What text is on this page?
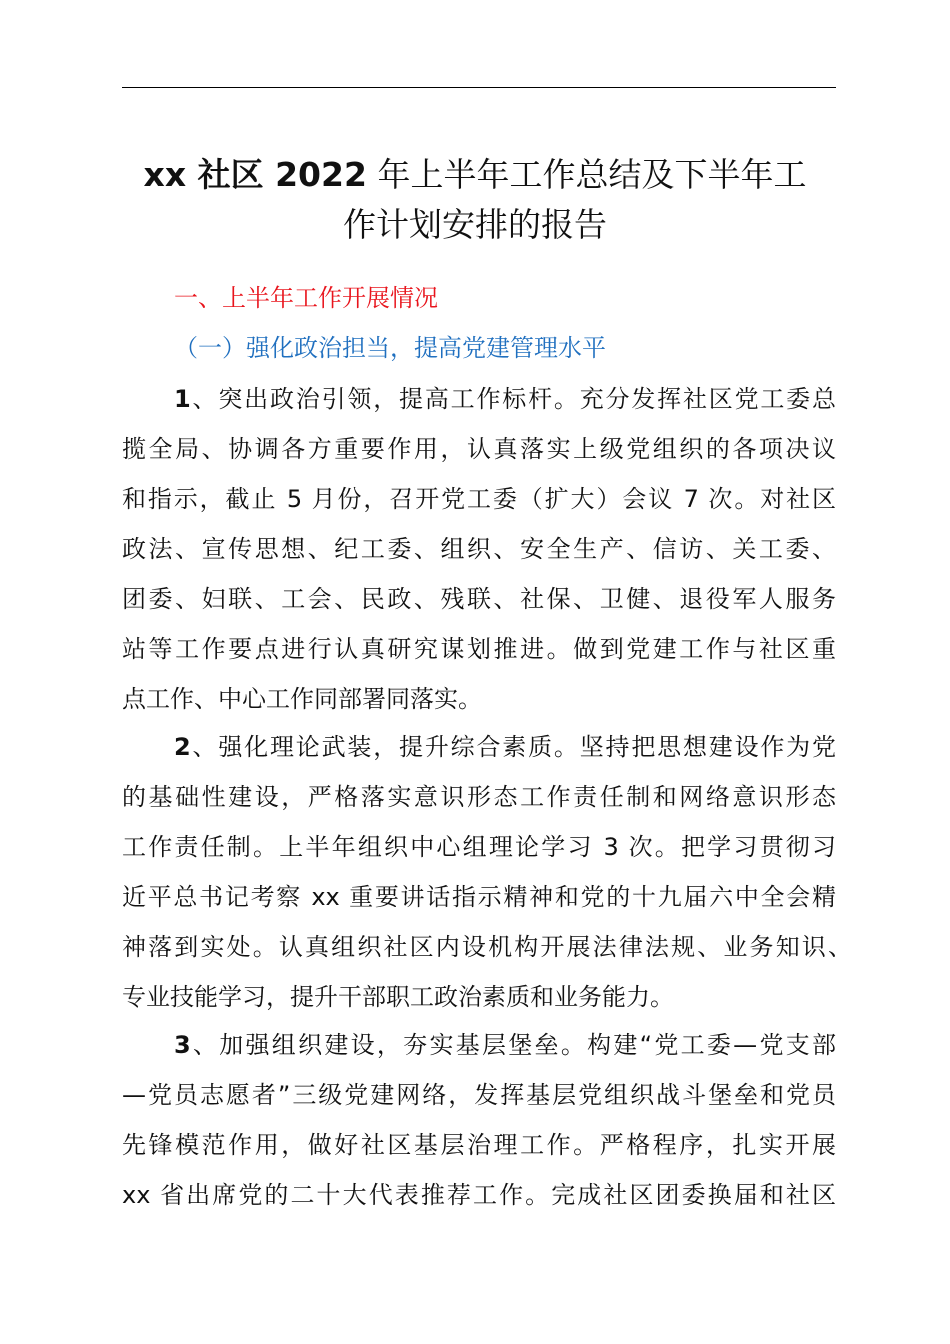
xx 社区 2022 年上半年工作总结及下半年工
作计划安排的报告
一、上半年工作开展情况
（一）强化政治担当，提高党建管理水平
1、突出政治引领，提高工作标杆。充分发挥社区党工委总
揽全局、协调各方重要作用，认真落实上级党组织的各项决议
和指示，截止 5 月份，召开党工委（扩大）会议 7 次。对社区
政法、宣传思想、纪工委、组织、安全生产、信访、关工委、
团委、妇联、工会、民政、残联、社保、卫健、退役军人服务
站等工作要点进行认真研究谋划推进。做到党建工作与社区重
点工作、中心工作同部署同落实。
2、强化理论武装，提升综合素质。坚持把思想建设作为党
的基础性建设，严格落实意识形态工作责任制和网络意识形态
工作责任制。上半年组织中心组理论学习 3 次。把学习贯彻习
近平总书记考察 xx 重要讲话指示精神和党的十九届六中全会精
神落到实处。认真组织社区内设机构开展法律法规、业务知识、
专业技能学习，提升干部职工政治素质和业务能力。
3、加强组织建设，夯实基层堡垒。构建“党工委—党支部
—党员志愿者”三级党建网络，发挥基层党组织战斗堡垒和党员
先锋模范作用，做好社区基层治理工作。严格程序，扎实开展
xx 省出席党的二十大代表推荐工作。完成社区团委换届和社区
